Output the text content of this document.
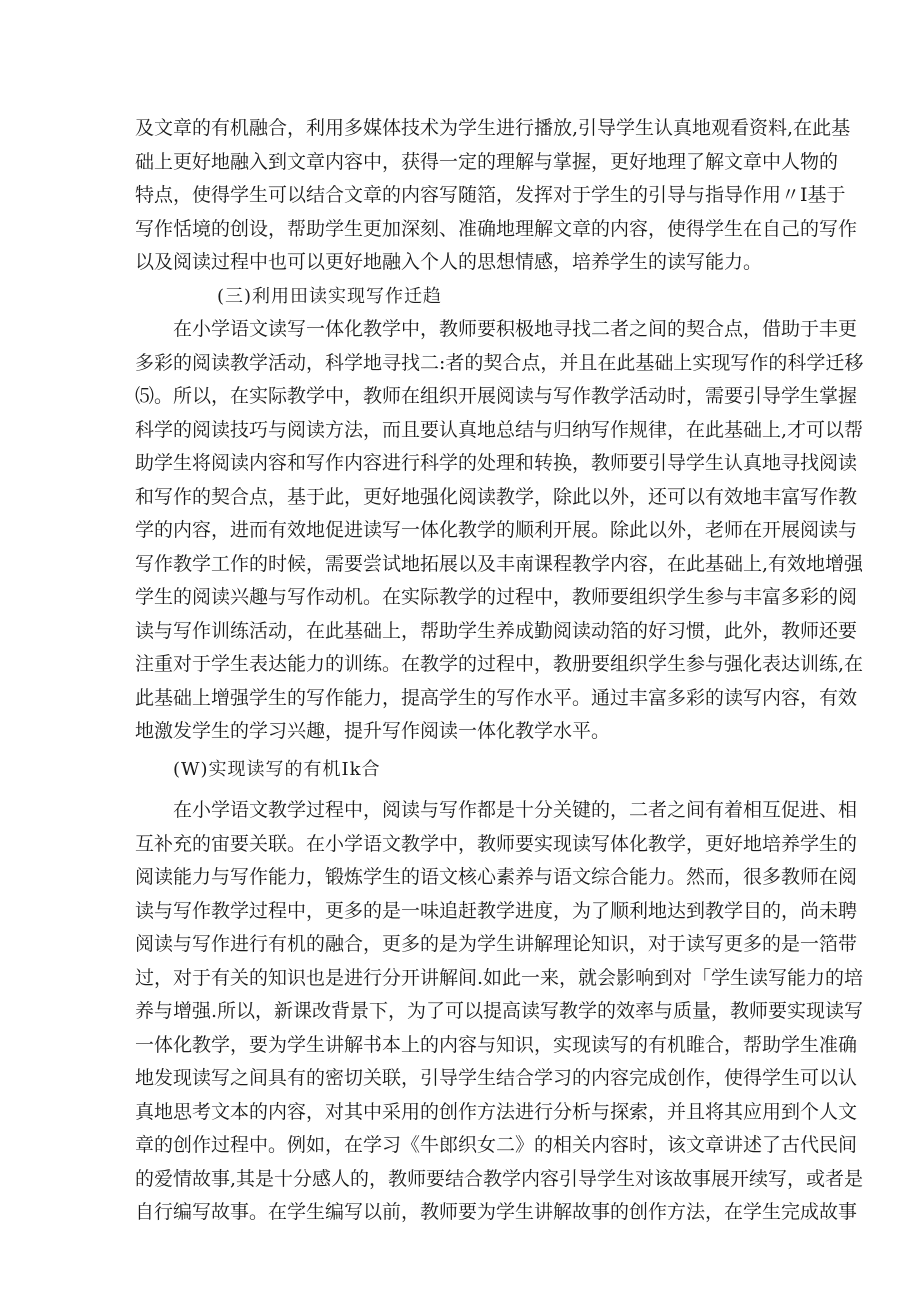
及文章的有机融合，利用多媒体技术为学生进行播放,引导学生认真地观看资料,在此基
础上更好地融入到文章内容中，获得一定的理解与掌握，更好地理了解文章中人物的
特点，使得学生可以结合文章的内容写随箔，发挥对于学生的引导与指导作用〃I基于
写作恬境的创设，帮助学生更加深刻、准确地理解文章的内容，使得学生在自己的写作
以及阅读过程中也可以更好地融入个人的思想情感，培养学生的读写能力。
(三)利用田读实现写作迁趋
在小学语文读写一体化教学中，教师要积极地寻找二者之间的契合点，借助于丰更
多彩的阅读教学活动，科学地寻找二:者的契合点，并且在此基础上实现写作的科学迁移
⑸。所以，在实际教学中，教师在组织开展阅读与写作教学活动时，需要引导学生掌握
科学的阅读技巧与阅读方法，而且要认真地总结与归纳写作规律，在此基础上,才可以帮
助学生将阅读内容和写作内容进行科学的处理和转换，教师要引导学生认真地寻找阅读
和写作的契合点，基于此，更好地强化阅读教学，除此以外，还可以有效地丰富写作教
学的内容，进而有效地促进读写一体化教学的顺利开展。除此以外，老师在开展阅读与
写作教学工作的时候，需要尝试地拓展以及丰南课程教学内容，在此基础上,有效地增强
学生的阅读兴趣与写作动机。在实际教学的过程中，教师要组织学生参与丰富多彩的阅
读与写作训练活动，在此基础上，帮助学生养成勤阅读动箔的好习惯，此外，教师还要
注重对于学生表达能力的训练。在教学的过程中，教册要组织学生参与强化表达训练,在
此基础上增强学生的写作能力，提高学生的写作水平。通过丰富多彩的读写内容，有效
地激发学生的学习兴趣，提升写作阅读一体化教学水平。
(W)实现读写的有机Ik合
在小学语文教学过程中，阅读与写作都是十分关键的，二者之间有着相互促进、相
互补充的宙要关联。在小学语文教学中，教师要实现读写体化教学，更好地培养学生的
阅读能力与写作能力，锻炼学生的语文核心素养与语文综合能力。然而，很多教师在阅
读与写作教学过程中，更多的是一味追赶教学进度，为了顺利地达到教学目的，尚未聘
阅读与写作进行有机的融合，更多的是为学生讲解理论知识，对于读写更多的是一箔带
过，对于有关的知识也是进行分开讲解间.如此一来，就会影响到对「学生读写能力的培
养与增强.所以，新课改背景下，为了可以提高读写教学的效率与质量，教师要实现读写
一体化教学，要为学生讲解书本上的内容与知识，实现读写的有机睢合，帮助学生准确
地发现读写之间具有的密切关联，引导学生结合学习的内容完成创作，使得学生可以认
真地思考文本的内容，对其中采用的创作方法进行分析与探索，并且将其应用到个人文
章的创作过程中。例如，在学习《牛郎织女二》的相关内容时，该文章讲述了古代民间
的爱情故事,其是十分感人的，教师要结合教学内容引导学生对该故事展开续写，或者是
自行编写故事。在学生编写以前，教师要为学生讲解故事的创作方法，在学生完成故事
